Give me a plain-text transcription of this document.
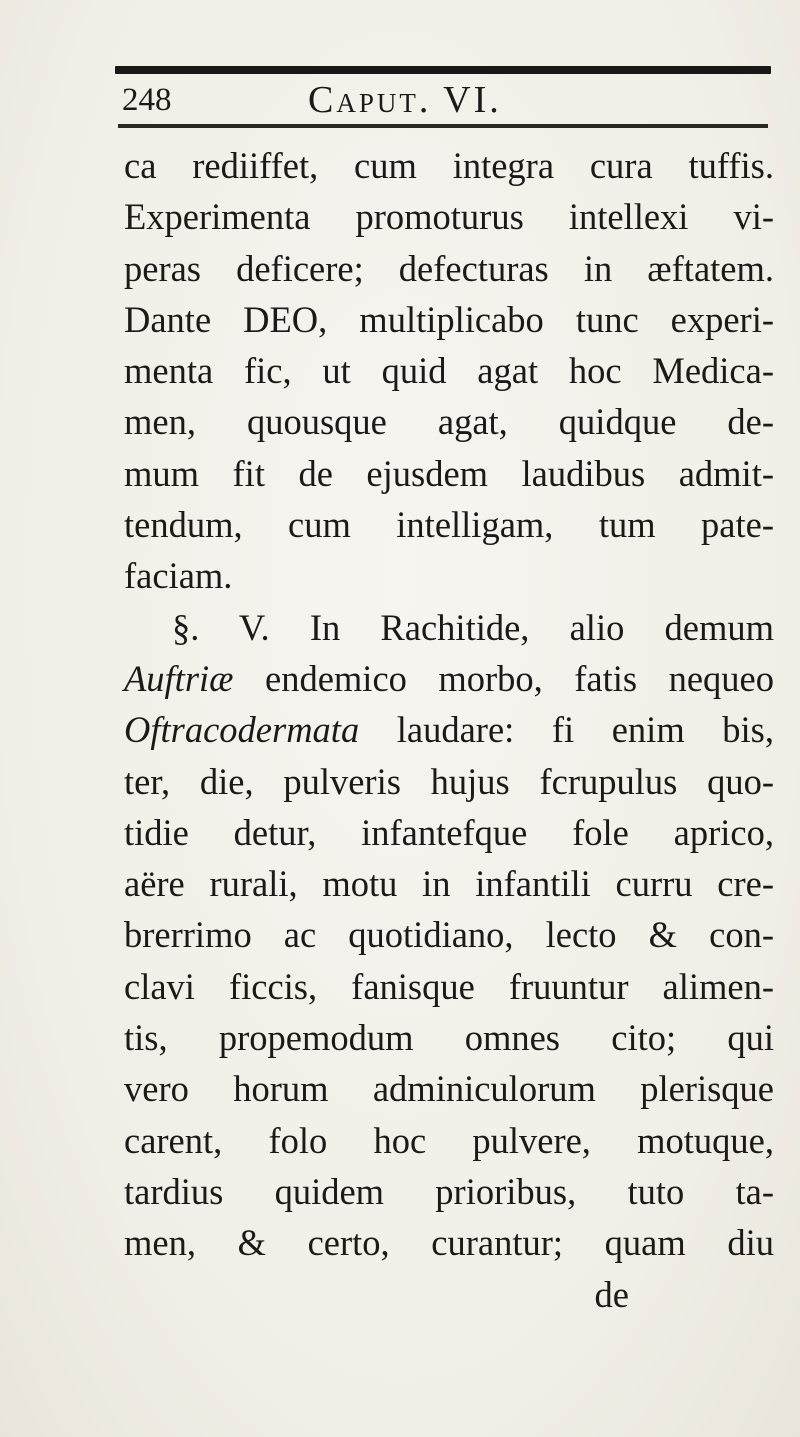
248	Caput. VI.
ca rediiffet, cum integra cura tuffis.
Experimenta promoturus intellexi vi-
peras deficere; defecturas in æftatem.
Dante DEO, multiplicabo tunc experi-
menta fic, ut quid agat hoc Medica-
men, quousque agat, quidque de-
mum fit de ejusdem laudibus admit-
tendum, cum intelligam, tum pate-
faciam.
§. V. In Rachitide, alio demum
Auftriæ endemico morbo, fatis nequeo
Oftracodermata laudare: fi enim bis,
ter, die, pulveris hujus fcrupulus quo-
tidie detur, infantefque fole aprico,
aëre rurali, motu in infantili curru cre-
brerrimo ac quotidiano, lecto & con-
clavi ficcis, fanisque fruuntur alimen-
tis, propemodum omnes cito; qui
vero horum adminiculorum plerisque
carent, folo hoc pulvere, motuque,
tardius quidem prioribus, tuto ta-
men, & certo, curantur; quam diu
de
